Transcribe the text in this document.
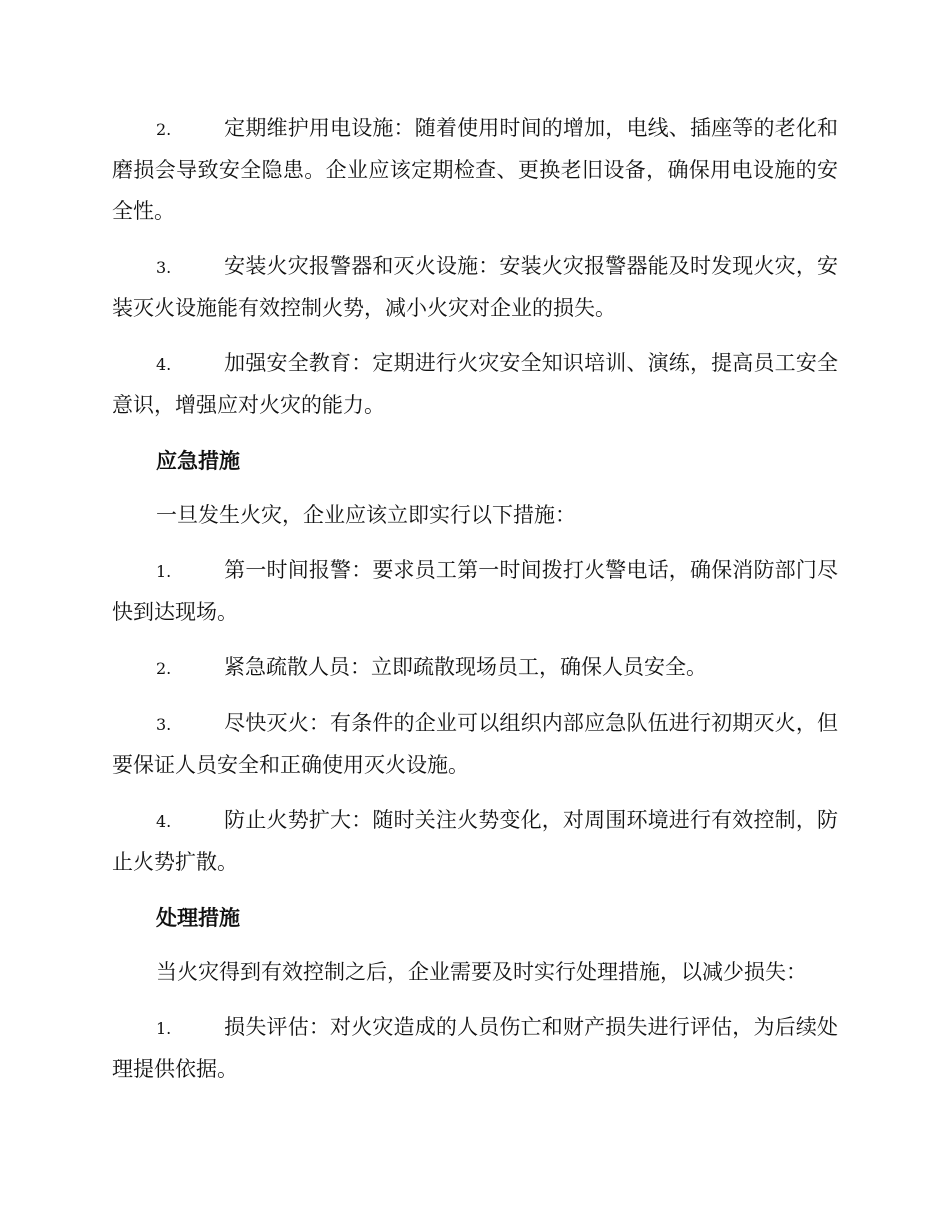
2.	定期维护用电设施：随着使用时间的增加，电线、插座等的老化和磨损会导致安全隐患。企业应该定期检查、更换老旧设备，确保用电设施的安全性。
3.	安装火灾报警器和灭火设施：安装火灾报警器能及时发现火灾，安装灭火设施能有效控制火势，减小火灾对企业的损失。
4.	加强安全教育：定期进行火灾安全知识培训、演练，提高员工安全意识，增强应对火灾的能力。
应急措施
一旦发生火灾，企业应该立即实行以下措施：
1.	第一时间报警：要求员工第一时间拨打火警电话，确保消防部门尽快到达现场。
2.	紧急疏散人员：立即疏散现场员工，确保人员安全。
3.	尽快灭火：有条件的企业可以组织内部应急队伍进行初期灭火，但要保证人员安全和正确使用灭火设施。
4.	防止火势扩大：随时关注火势变化，对周围环境进行有效控制，防止火势扩散。
处理措施
当火灾得到有效控制之后，企业需要及时实行处理措施，以减少损失：
1.	损失评估：对火灾造成的人员伤亡和财产损失进行评估，为后续处理提供依据。
